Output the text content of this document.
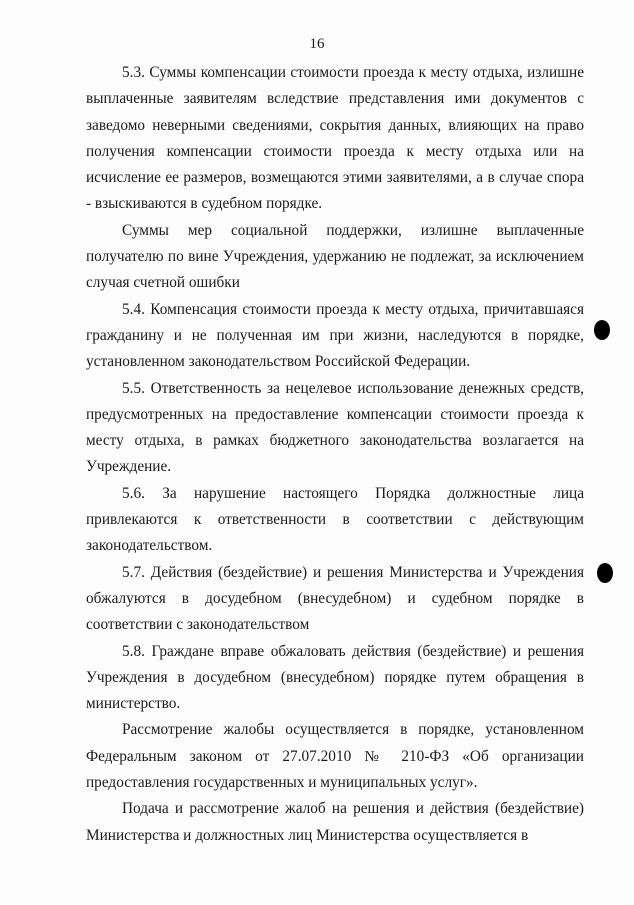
16

5.3. Суммы компенсации стоимости проезда к месту отдыха, излишне выплаченные заявителям вследствие представления ими документов с заведомо неверными сведениями, сокрытия данных, влияющих на право получения компенсации стоимости проезда к месту отдыха или на исчисление ее размеров, возмещаются этими заявителями, а в случае спора - взыскиваются в судебном порядке.

Суммы мер социальной поддержки, излишне выплаченные получателю по вине Учреждения, удержанию не подлежат, за исключением случая счетной ошибки

5.4. Компенсация стоимости проезда к месту отдыха, причитавшаяся гражданину и не полученная им при жизни, наследуются в порядке, установленном законодательством Российской Федерации.

5.5. Ответственность за нецелевое использование денежных средств, предусмотренных на предоставление компенсации стоимости проезда к месту отдыха, в рамках бюджетного законодательства возлагается на Учреждение.

5.6. За нарушение настоящего Порядка должностные лица привлекаются к ответственности в соответствии с действующим законодательством.

5.7. Действия (бездействие) и решения Министерства и Учреждения обжалуются в досудебном (внесудебном) и судебном порядке в соответствии с законодательством

5.8. Граждане вправе обжаловать действия (бездействие) и решения Учреждения в досудебном (внесудебном) порядке путем обращения в министерство.

Рассмотрение жалобы осуществляется в порядке, установленном Федеральным законом от 27.07.2010 № 210-ФЗ «Об организации предоставления государственных и муниципальных услуг».

Подача и рассмотрение жалоб на решения и действия (бездействие) Министерства и должностных лиц Министерства осуществляется в
